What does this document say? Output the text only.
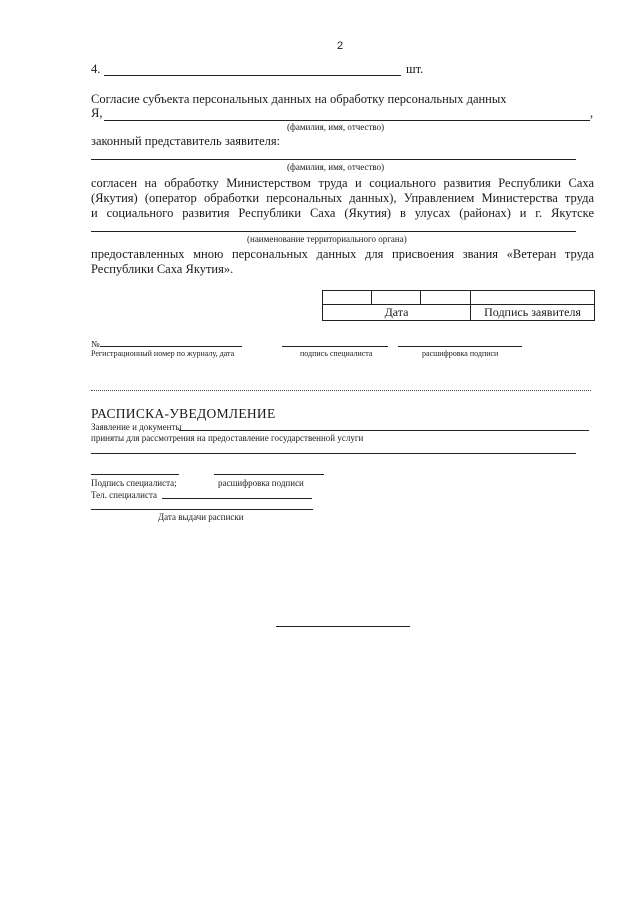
2
4.	шт.
Согласие субъекта персональных данных на обработку персональных данных
Я,	,
(фамилия, имя, отчество)
законный представитель заявителя:
(фамилия, имя, отчество)
согласен на обработку Министерством труда и социального развития Республики Саха
(Якутия) (оператор обработки персональных данных), Управлением Министерства труда
и социального развития Республики Саха (Якутия) в улусах (районах) и г. Якутске
(наименование территориального органа)
предоставленных мною персональных данных для присвоения звания «Ветеран труда
Республики Саха Якутия».

Дата			Подпись заявителя
№
Регистрационный номер по журналу, дата	подпись специалиста	расшифровка подписи
РАСПИСКА-УВЕДОМЛЕНИЕ
Заявление и документы
приняты для рассмотрения на предоставление государственной услуги
Подпись специалиста;	расшифровка подписи
Тел. специалиста
Дата выдачи расписки
